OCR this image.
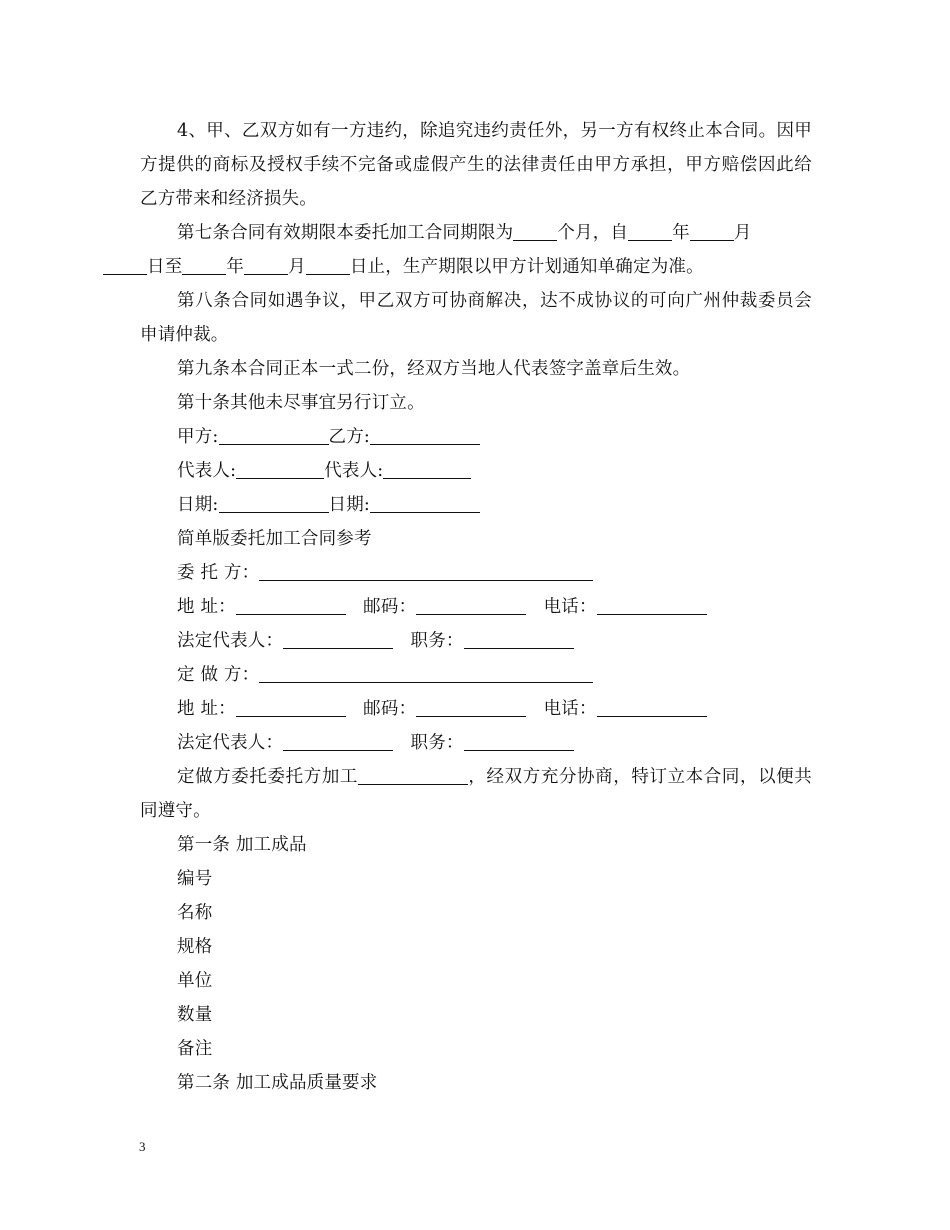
4、甲、乙双方如有一方违约，除追究违约责任外，另一方有权终止本合同。因甲方提供的商标及授权手续不完备或虚假产生的法律责任由甲方承担，甲方赔偿因此给乙方带来和经济损失。
第七条合同有效期限本委托加工合同期限为	个月，自	年	月
日至	年	月	日止，生产期限以甲方计划通知单确定为准。
第八条合同如遇争议，甲乙双方可协商解决，达不成协议的可向广州仲裁委员会申请仲裁。
第九条本合同正本一式二份，经双方当地人代表签字盖章后生效。
第十条其他未尽事宜另行订立。
甲方:	乙方:
代表人:	代表人:
日期:	日期:
简单版委托加工合同参考
委 托 方：
地 址：	邮码：	电话：
法定代表人：	职务：
定 做 方：
地 址：	邮码：	电话：
法定代表人：	职务：
定做方委托委托方加工	，经双方充分协商，特订立本合同，以便共同遵守。
第一条 加工成品
编号
名称
规格
单位
数量
备注
第二条 加工成品质量要求
3
